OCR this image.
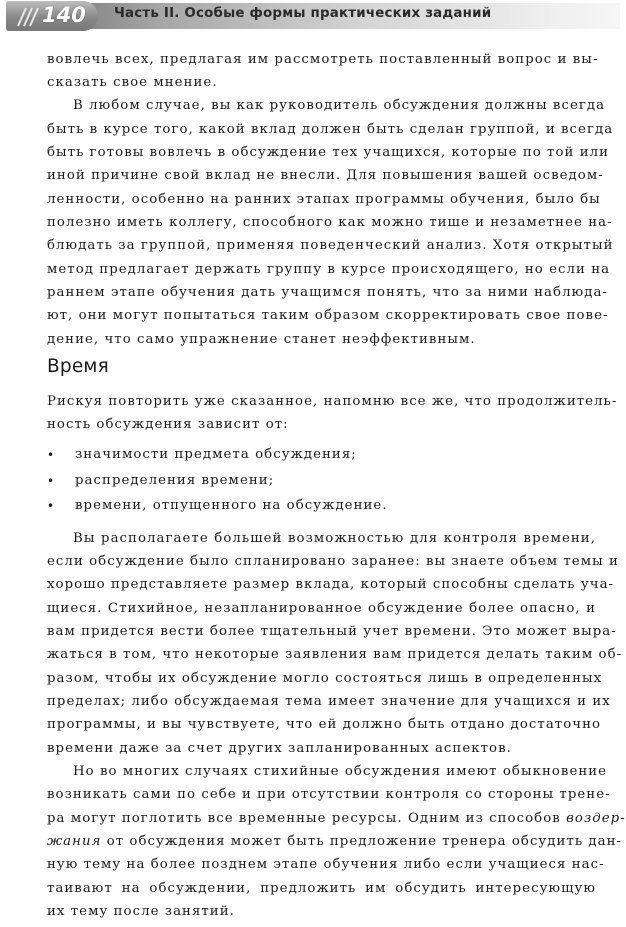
140 Часть II. Особые формы практических заданий
вовлечь всех, предлагая им рассмотреть поставленный вопрос и вы-
сказать свое мнение.
В любом случае, вы как руководитель обсуждения должны всегда
быть в курсе того, какой вклад должен быть сделан группой, и всегда
быть готовы вовлечь в обсуждение тех учащихся, которые по той или
иной причине свой вклад не внесли. Для повышения вашей осведом-
ленности, особенно на ранних этапах программы обучения, было бы
полезно иметь коллегу, способного как можно тише и незаметнее на-
блюдать за группой, применяя поведенческий анализ. Хотя открытый
метод предлагает держать группу в курсе происходящего, но если на
раннем этапе обучения дать учащимся понять, что за ними наблюда-
ют, они могут попытаться таким образом скорректировать свое пове-
дение, что само упражнение станет неэффективным.
Время
Рискуя повторить уже сказанное, напомню все же, что продолжитель-
ность обсуждения зависит от:
• значимости предмета обсуждения;
• распределения времени;
• времени, отпущенного на обсуждение.
Вы располагаете большей возможностью для контроля времени,
если обсуждение было спланировано заранее: вы знаете объем темы и
хорошо представляете размер вклада, который способны сделать уча-
щиеся. Стихийное, незапланированное обсуждение более опасно, и
вам придется вести более тщательный учет времени. Это может выра-
жаться в том, что некоторые заявления вам придется делать таким об-
разом, чтобы их обсуждение могло состояться лишь в определенных
пределах; либо обсуждаемая тема имеет значение для учащихся и их
программы, и вы чувствуете, что ей должно быть отдано достаточно
времени даже за счет других запланированных аспектов.
Но во многих случаях стихийные обсуждения имеют обыкновение
возникать сами по себе и при отсутствии контроля со стороны трене-
ра могут поглотить все временные ресурсы. Одним из способов воздер-
жания от обсуждения может быть предложение тренера обсудить дан-
ную тему на более позднем этапе обучения либо если учащиеся нас-
таивают на обсуждении, предложить им обсудить интересующую
их тему после занятий.
